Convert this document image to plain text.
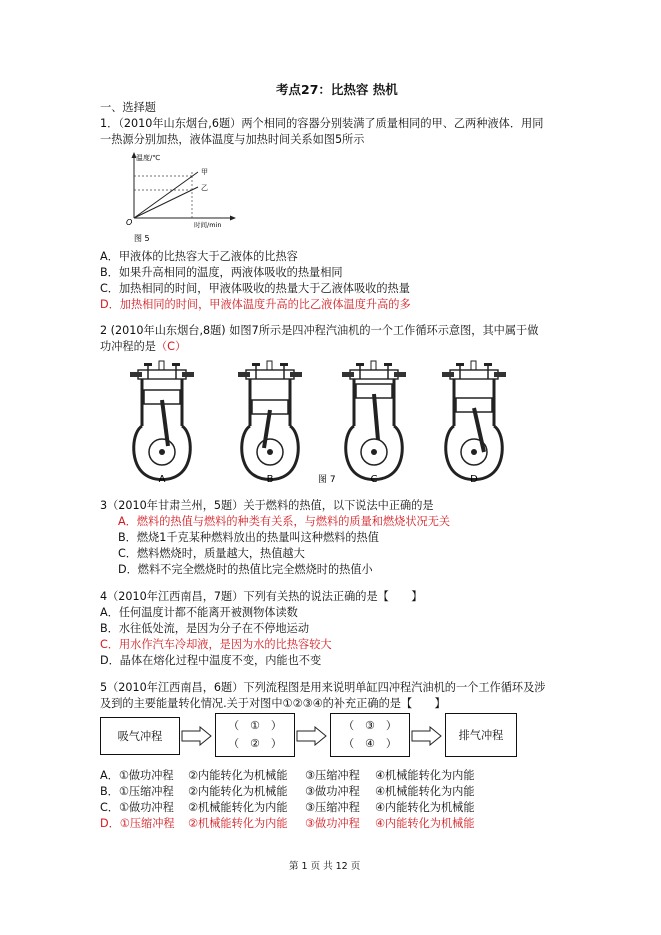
考点27：比热容 热机
一、选择题
1．（2010年山东烟台,6题）两个相同的容器分别装满了质量相同的甲、乙两种液体．用同
一热源分别加热，液体温度与加热时间关系如图5所示
温度/℃
甲
乙
O	时间/min
图 5
A．甲液体的比热容大于乙液体的比热容
B．如果升高相同的温度，两液体吸收的热量相同
C．加热相同的时间，甲液体吸收的热量大于乙液体吸收的热量
D．加热相同的时间，甲液体温度升高的比乙液体温度升高的多
2 (2010年山东烟台,8题) 如图7所示是四冲程汽油机的一个工作循环示意图，其中属于做
功冲程的是（C）
A	B	图 7	C	D
3（2010年甘肃兰州，5题）关于燃料的热值，以下说法中正确的是
A．燃料的热值与燃料的种类有关系，与燃料的质量和燃烧状况无关
B．燃烧1千克某种燃料放出的热量叫这种燃料的热值
C．燃料燃烧时，质量越大，热值越大
D．燃料不完全燃烧时的热值比完全燃烧时的热值小
4（2010年江西南昌，7题）下列有关热的说法正确的是【　　】
A．任何温度计都不能离开被测物体读数
B．水往低处流，是因为分子在不停地运动
C．用水作汽车冷却液，是因为水的比热容较大
D．晶体在熔化过程中温度不变，内能也不变
5（2010年江西南昌，6题）下列流程图是用来说明单缸四冲程汽油机的一个工作循环及涉
及到的主要能量转化情况.关于对图中①②③④的补充正确的是【　　】
吸气冲程
（　①　）
（　②　）
（　③　）
（　④　）
排气冲程
A．①做功冲程 ②内能转化为机械能 ③压缩冲程 ④机械能转化为内能
B．①压缩冲程 ②内能转化为机械能 ③做功冲程 ④机械能转化为内能
C．①做功冲程 ②机械能转化为内能 ③压缩冲程 ④内能转化为机械能
D．①压缩冲程 ②机械能转化为内能 ③做功冲程 ④内能转化为机械能
第 1 页 共 12 页
